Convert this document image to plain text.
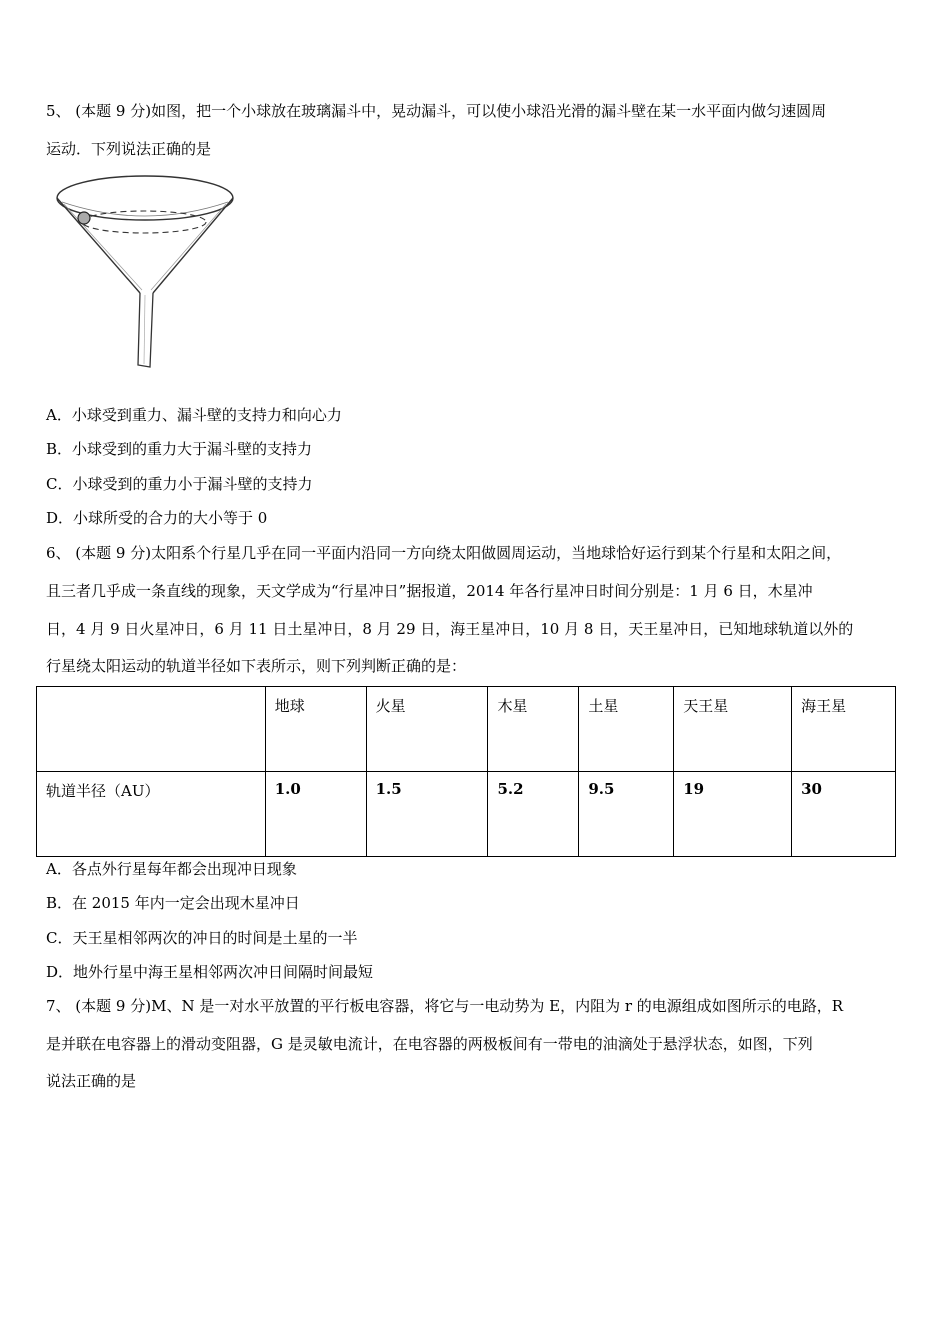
5、 (本题 9 分)如图，把一个小球放在玻璃漏斗中，晃动漏斗，可以使小球沿光滑的漏斗壁在某一水平面内做匀速圆周
运动．下列说法正确的是
A．小球受到重力、漏斗壁的支持力和向心力
B．小球受到的重力大于漏斗壁的支持力
C．小球受到的重力小于漏斗壁的支持力
D．小球所受的合力的大小等于 0
6、 (本题 9 分)太阳系个行星几乎在同一平面内沿同一方向绕太阳做圆周运动，当地球恰好运行到某个行星和太阳之间，
且三者几乎成一条直线的现象，天文学成为“行星冲日”据报道，2014 年各行星冲日时间分别是：1 月 6 日，木星冲
日，4 月 9 日火星冲日，6 月 11 日土星冲日，8 月 29 日，海王星冲日，10 月 8 日，天王星冲日，已知地球轨道以外的
行星绕太阳运动的轨道半径如下表所示，则下列判断正确的是：
	地球	火星	木星	土星	天王星	海王星
轨道半径（AU）	1.0	1.5	5.2	9.5	19	30
A．各点外行星每年都会出现冲日现象
B．在 2015 年内一定会出现木星冲日
C．天王星相邻两次的冲日的时间是土星的一半
D．地外行星中海王星相邻两次冲日间隔时间最短
7、 (本题 9 分)M、N 是一对水平放置的平行板电容器，将它与一电动势为 E，内阻为 r 的电源组成如图所示的电路，R
是并联在电容器上的滑动变阻器，G 是灵敏电流计，在电容器的两极板间有一带电的油滴处于悬浮状态，如图，下列
说法正确的是
